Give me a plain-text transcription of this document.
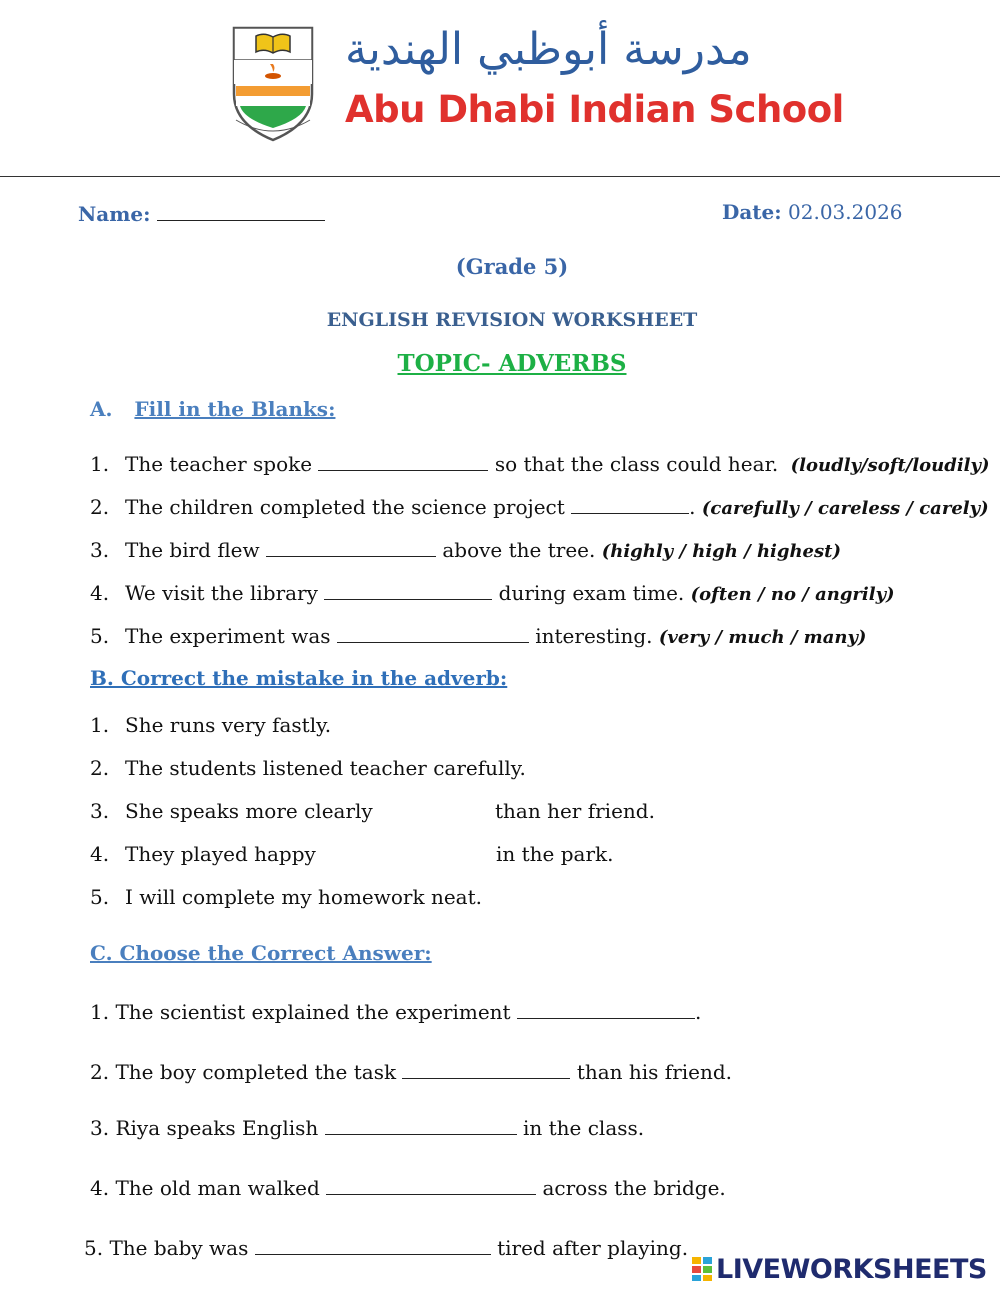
مدرسة أبوظبي الهندية
Abu Dhabi Indian School
Name:	Date: 02.03.2026
(Grade 5)
ENGLISH REVISION WORKSHEET
TOPIC- ADVERBS
A. Fill in the Blanks:
1. The teacher spoke	so that the class could hear. (loudly/soft/loudily)
2. The children completed the science project	. (carefully / careless / carely)
3. The bird flew	above the tree. (highly / high / highest)
4. We visit the library	during exam time. (often / no / angrily)
5. The experiment was	interesting. (very / much / many)
B. Correct the mistake in the adverb:
1. She runs very fastly.
2. The students listened teacher carefully.
3. She speaks more clearly	than her friend.
4. They played happy	in the park.
5. I will complete my homework neat.
C. Choose the Correct Answer:
1. The scientist explained the experiment	.
2. The boy completed the task	than his friend.
3. Riya speaks English	in the class.
4. The old man walked	across the bridge.
5. The baby was	tired after playing.
LIVEWORKSHEETS
